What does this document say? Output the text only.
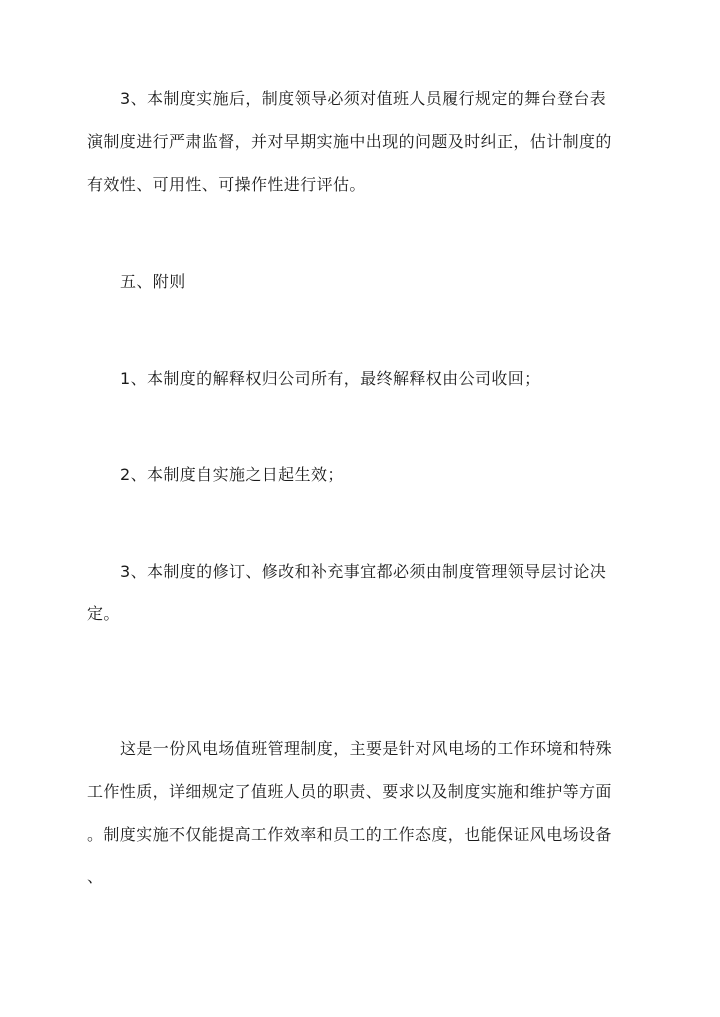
3、本制度实施后，制度领导必须对值班人员履行规定的舞台登台表
演制度进行严肃监督，并对早期实施中出现的问题及时纠正，估计制度的
有效性、可用性、可操作性进行评估。
五、附则
1、本制度的解释权归公司所有，最终解释权由公司收回；
2、本制度自实施之日起生效；
3、本制度的修订、修改和补充事宜都必须由制度管理领导层讨论决
定。
这是一份风电场值班管理制度，主要是针对风电场的工作环境和特殊
工作性质，详细规定了值班人员的职责、要求以及制度实施和维护等方面
。制度实施不仅能提高工作效率和员工的工作态度，也能保证风电场设备
、
